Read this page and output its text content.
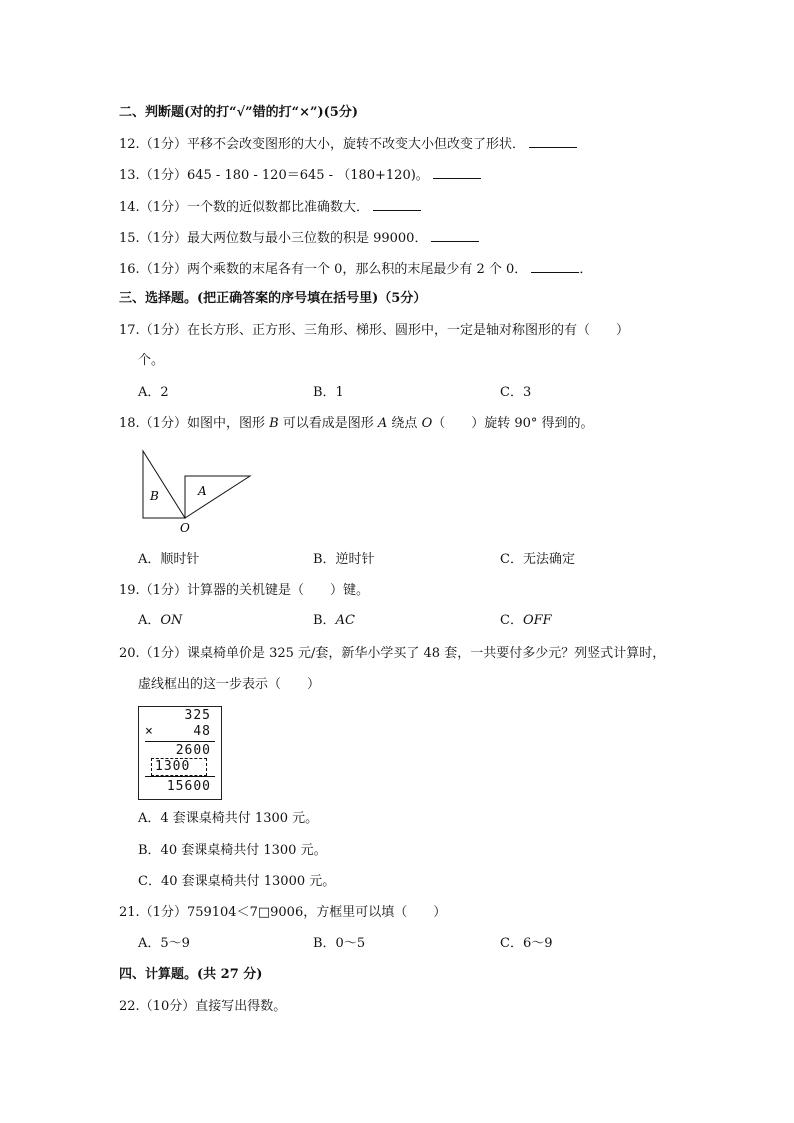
二、判断题(对的打“√”错的打“×”)(5分)
12.（1分）平移不会改变图形的大小，旋转不改变大小但改变了形状．
13.（1分）645 - 180 - 120＝645 - （180+120)。
14.（1分）一个数的近似数都比准确数大．
15.（1分）最大两位数与最小三位数的积是 99000．
16.（1分）两个乘数的末尾各有一个 0，那么积的末尾最少有 2 个 0．	．
三、选择题。(把正确答案的序号填在括号里)（5分）
17.（1分）在长方形、正方形、三角形、梯形、圆形中，一定是轴对称图形的有（　　）
个。
A．2	B．1	C．3
18.（1分）如图中，图形 B 可以看成是图形 A 绕点 O（　　）旋转 90° 得到的。
B	A
O
A．顺时针	B．逆时针	C．无法确定
19.（1分）计算器的关机键是（　　）键。
A．ON	B．AC	C．OFF
20.（1分）课桌椅单价是 325 元/套，新华小学买了 48 套，一共要付多少元？列竖式计算时，
虚线框出的这一步表示（　　）
325
×	48
2600
1300
15600
A．4 套课桌椅共付 1300 元。
B．40 套课桌椅共付 1300 元。
C．40 套课桌椅共付 13000 元。
21.（1分）759104＜7□9006，方框里可以填（　　）
A．5～9	B．0～5	C．6～9
四、计算题。(共 27 分)
22.（10分）直接写出得数。
